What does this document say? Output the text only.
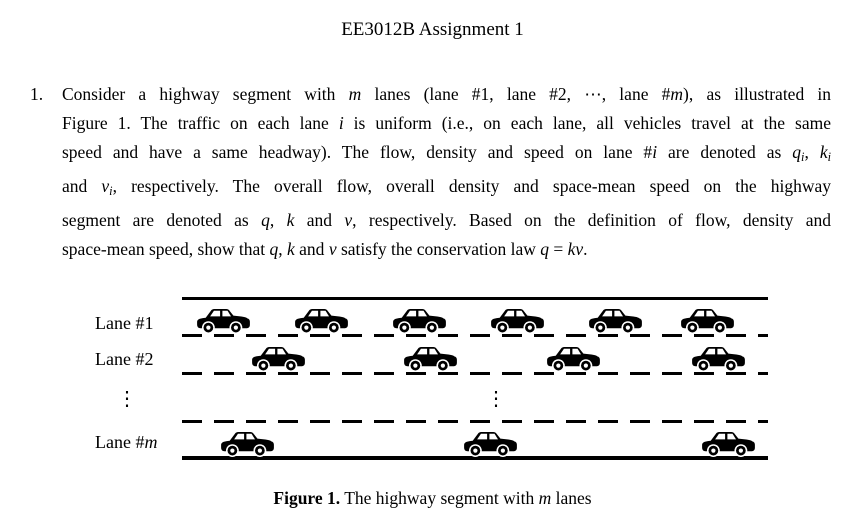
EE3012B Assignment 1
1. Consider a highway segment with m lanes (lane #1, lane #2, ⋯, lane #m), as illustrated in
Figure 1. The traffic on each lane i is uniform (i.e., on each lane, all vehicles travel at the same
speed and have a same headway). The flow, density and speed on lane #i are denoted as qi, ki
and vi, respectively. The overall flow, overall density and space-mean speed on the highway
segment are denoted as q, k and v, respectively. Based on the definition of flow, density and
space-mean speed, show that q, k and v satisfy the conservation law q = kv.
Lane #1
Lane #2
Lane #m
⋮	⋮
Figure 1. The highway segment with m lanes
